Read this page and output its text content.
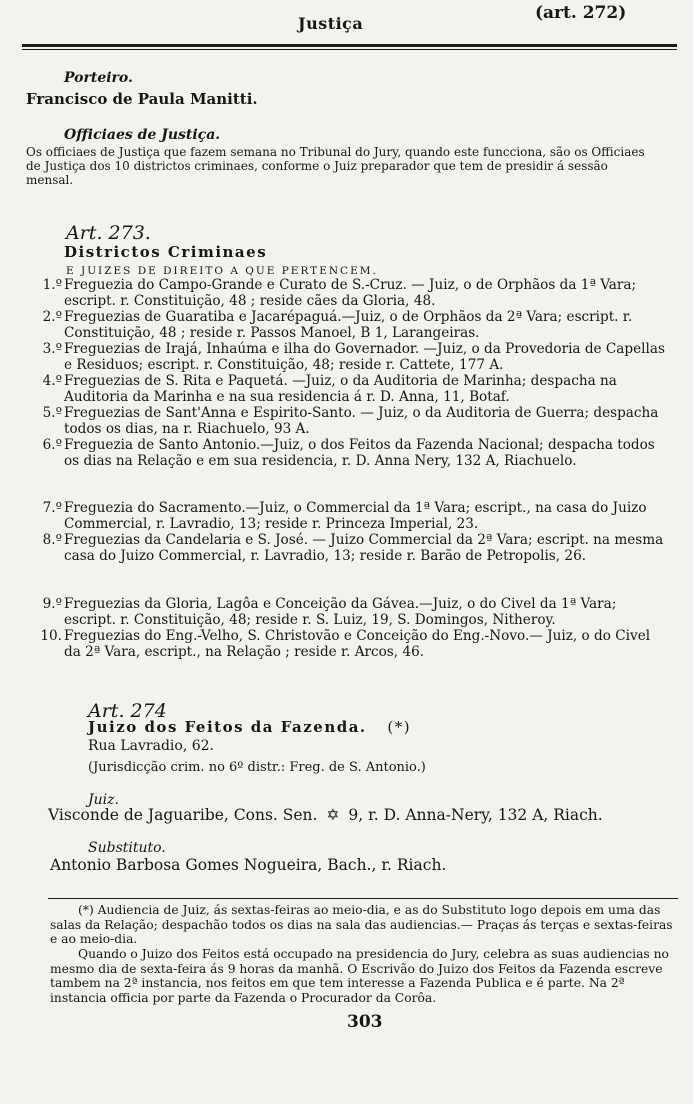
Justiça
(art. 272)
Porteiro.
Francisco de Paula Manitti.
Officiaes de Justiça.
Os officiaes de Justiça que fazem semana no Tribunal do Jury, quando este funcciona, são os Officiaes de Justiça dos 10 districtos criminaes, conforme o Juiz preparador que tem de presidir á sessão mensal.
Art. 273.
Districtos Criminaes
E JUIZES DE DIREITO A QUE PERTENCEM.
1.º Freguezia do Campo-Grande e Curato de S.-Cruz. — Juiz, o de Orphãos da 1ª Vara; escript. r. Constituição, 48 ; reside cães da Gloria, 48.
2.º Freguezias de Guaratiba e Jacarépaguá.—Juiz, o de Orphãos da 2ª Vara; escript. r. Constituição, 48 ; reside r. Passos Manoel, B 1, Larangeiras.
3.º Freguezias de Irajá, Inhaúma e ilha do Governador. —Juiz, o da Provedoria de Capellas e Residuos; escript. r. Constituição, 48; reside r. Cattete, 177 A.
4.º Freguezias de S. Rita e Paquetá. —Juiz, o da Auditoria de Marinha; despacha na Auditoria da Marinha e na sua residencia á r. D. Anna, 11, Botaf.
5.º Freguezias de Sant'Anna e Espirito-Santo. — Juiz, o da Auditoria de Guerra; despacha todos os dias, na r. Riachuelo, 93 A.
6.º Freguezia de Santo Antonio.—Juiz, o dos Feitos da Fazenda Nacional; despacha todos os dias na Relação e em sua residencia, r. D. Anna Nery, 132 A, Riachuelo.
7.º Freguezia do Sacramento.—Juiz, o Commercial da 1ª Vara; escript., na casa do Juizo Commercial, r. Lavradio, 13; reside r. Princeza Imperial, 23.
8.º Freguezias da Candelaria e S. José. — Juizo Commercial da 2ª Vara; escript. na mesma casa do Juizo Commercial, r. Lavradio, 13; reside r. Barão de Petropolis, 26.
9.º Freguezias da Gloria, Lagôa e Conceição da Gávea.—Juiz, o do Civel da 1ª Vara; escript. r. Constituição, 48; reside r. S. Luiz, 19, S. Domingos, Nitheroy.
10. Freguezias do Eng.-Velho, S. Christovão e Conceição do Eng.-Novo.— Juiz, o do Civel da 2ª Vara, escript., na Relação ; reside r. Arcos, 46.
Art. 274
Juizo dos Feitos da Fazenda. (*)
Rua Lavradio, 62.
(Jurisdicção crim. no 6º distr.: Freg. de S. Antonio.)
Juiz.
Visconde de Jaguaribe, Cons. Sen. ✡ 9, r. D. Anna-Nery, 132 A, Riach.
Substituto.
Antonio Barbosa Gomes Nogueira, Bach., r. Riach.
(*) Audiencia de Juiz, ás sextas-feiras ao meio-dia, e as do Substituto logo depois em uma das salas da Relação; despachão todos os dias na sala das audiencias.— Praças ás terças e sextas-feiras e ao meio-dia.
Quando o Juizo dos Feitos está occupado na presidencia do Jury, celebra as suas audiencias no mesmo dia de sexta-feira ás 9 horas da manhã. O Escrivão do Juizo dos Feitos da Fazenda escreve tambem na 2ª instancia, nos feitos em que tem interesse a Fazenda Publica e é parte. Na 2ª instancia officia por parte da Fazenda o Procurador da Corôa.
303
